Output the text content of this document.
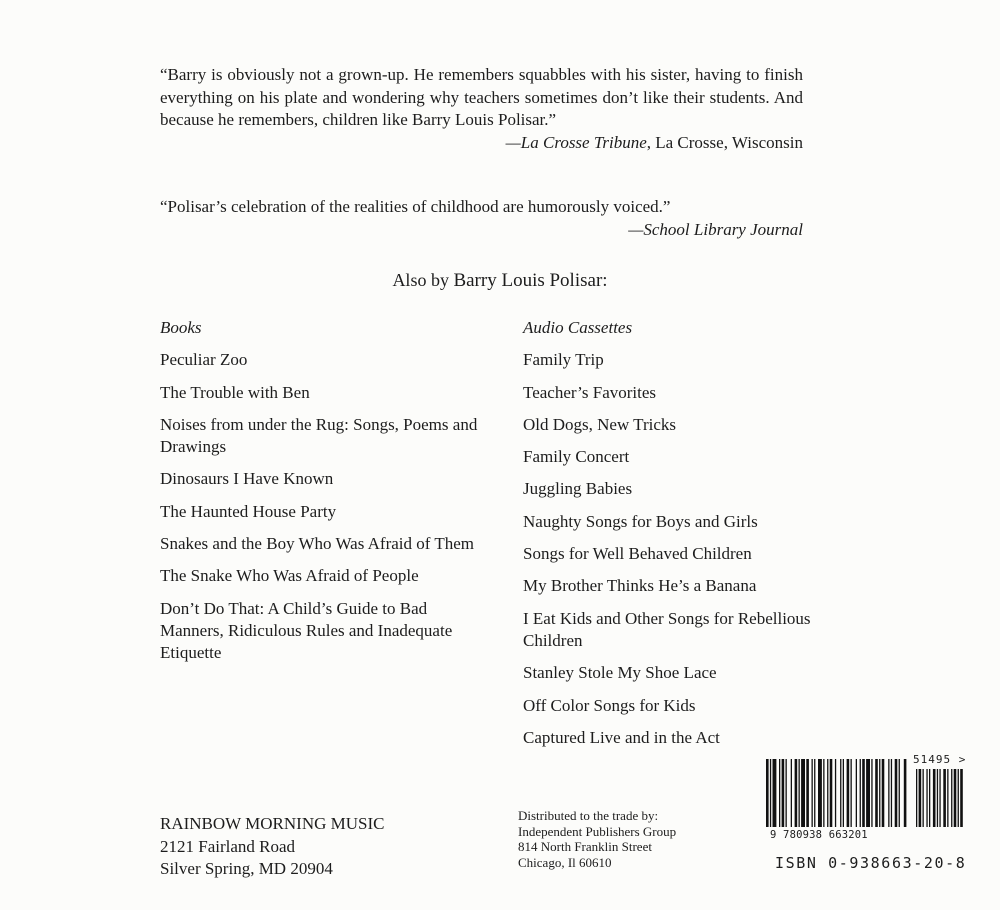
“Barry is obviously not a grown-up. He remembers squabbles with his sister, having to finish everything on his plate and wondering why teachers sometimes don’t like their students. And because he remembers, children like Barry Louis Polisar.”

—La Crosse Tribune, La Crosse, Wisconsin

“Polisar’s celebration of the realities of childhood are humorously voiced.”

—School Library Journal

Also by Barry Louis Polisar:

Books

Peculiar Zoo
The Trouble with Ben
Noises from under the Rug: Songs, Poems and Drawings
Dinosaurs I Have Known
The Haunted House Party
Snakes and the Boy Who Was Afraid of Them
The Snake Who Was Afraid of People
Don’t Do That: A Child’s Guide to Bad Manners, Ridiculous Rules and Inadequate Etiquette

Audio Cassettes

Family Trip
Teacher’s Favorites
Old Dogs, New Tricks
Family Concert
Juggling Babies
Naughty Songs for Boys and Girls
Songs for Well Behaved Children
My Brother Thinks He’s a Banana
I Eat Kids and Other Songs for Rebellious Children
Stanley Stole My Shoe Lace
Off Color Songs for Kids
Captured Live and in the Act
RAINBOW MORNING MUSIC
2121 Fairland Road
Silver Spring, MD 20904
Distributed to the trade by:
Independent Publishers Group
814 North Franklin Street
Chicago, Il 60610
51495 >
9 780938 663201
ISBN 0-938663-20-8
